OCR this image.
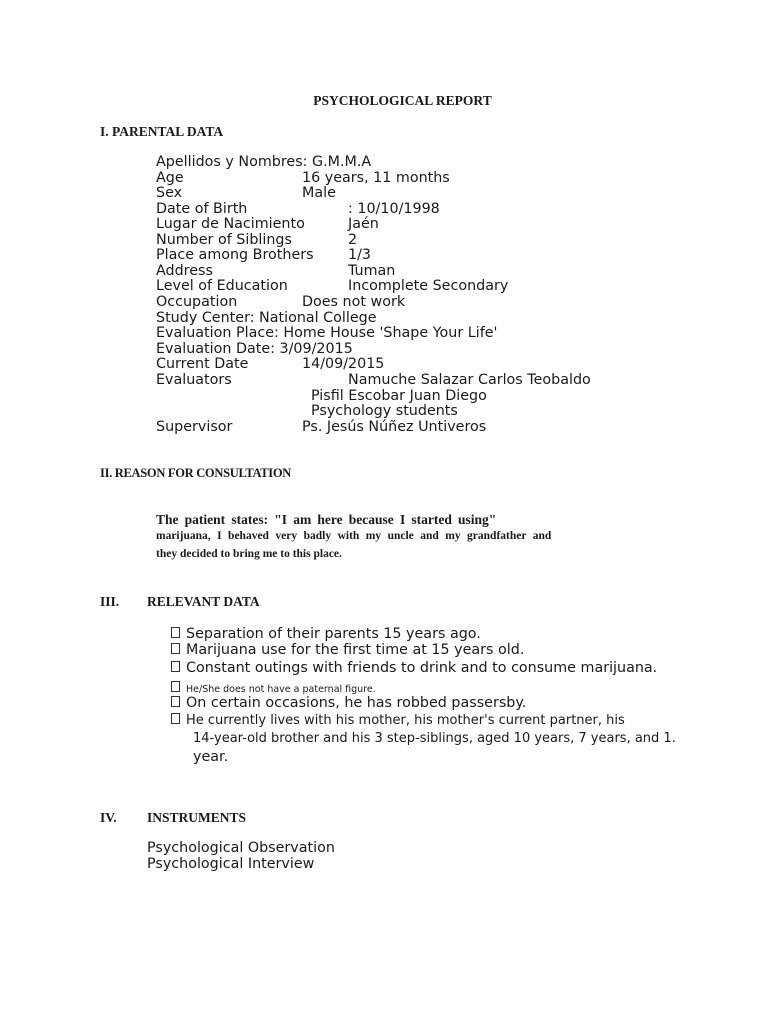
PSYCHOLOGICAL REPORT
I. PARENTAL DATA
Apellidos y Nombres: G.M.M.A
Age	16 years, 11 months
Sex	Male
Date of Birth	: 10/10/1998
Lugar de Nacimiento	Jaén
Number of Siblings	2
Place among Brothers 1/3
Address	Tuman
Level of Education	Incomplete Secondary
Occupation	Does not work
Study Center: National College
Evaluation Place: Home House 'Shape Your Life'
Evaluation Date: 3/09/2015
Current Date	14/09/2015
Evaluators	Namuche Salazar Carlos Teobaldo
Pisfil Escobar Juan Diego
Psychology students
Supervisor	Ps. Jesús Núñez Untiveros
II. REASON FOR CONSULTATION
The patient states: "I am here because I started using"
marijuana, I behaved very badly with my uncle and my grandfather and
they decided to bring me to this place.
III. RELEVANT DATA
Separation of their parents 15 years ago.
Marijuana use for the first time at 15 years old.
Constant outings with friends to drink and to consume marijuana.
He/She does not have a paternal figure.
On certain occasions, he has robbed passersby.
He currently lives with his mother, his mother's current partner, his
14-year-old brother and his 3 step-siblings, aged 10 years, 7 years, and 1.
year.
IV. INSTRUMENTS
Psychological Observation
Psychological Interview
